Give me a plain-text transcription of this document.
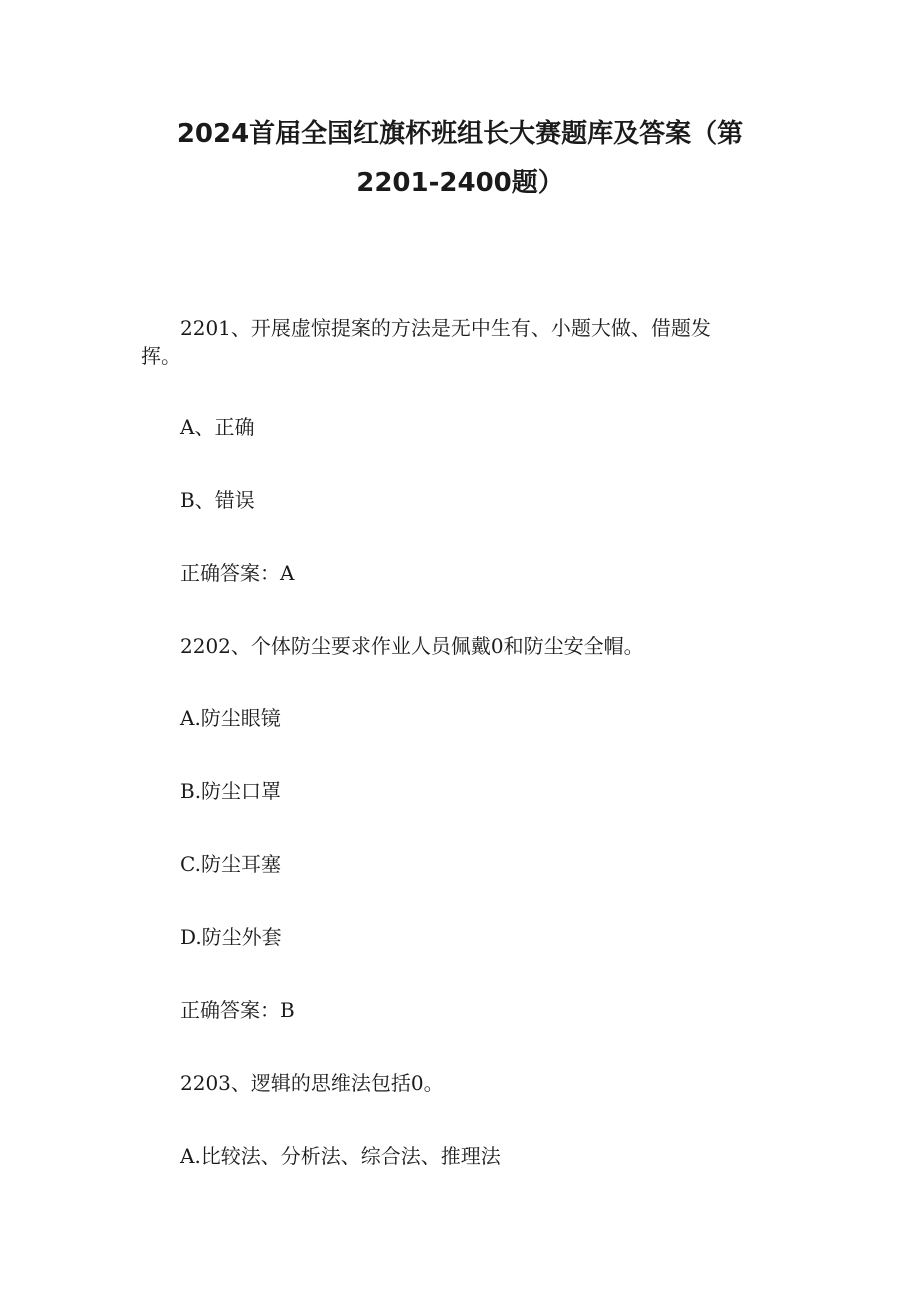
2024首届全国红旗杯班组长大赛题库及答案（第
2201-2400题）
2201、开展虚惊提案的方法是无中生有、小题大做、借题发
挥。
A、正确
B、错误
正确答案：A
2202、个体防尘要求作业人员佩戴0和防尘安全帽。
A.防尘眼镜
B.防尘口罩
C.防尘耳塞
D.防尘外套
正确答案：B
2203、逻辑的思维法包括0。
A.比较法、分析法、综合法、推理法
